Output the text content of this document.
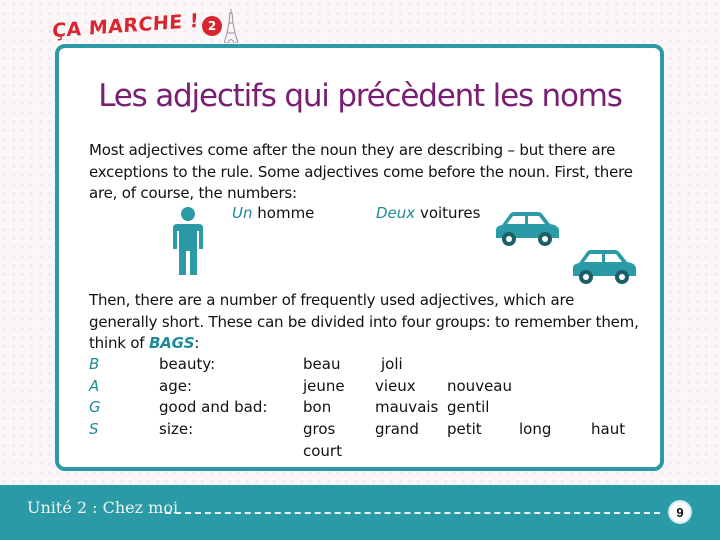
ÇA MARCHE ! 2
Les adjectifs qui précèdent les noms
Most adjectives come after the noun they are describing – but there are
exceptions to the rule. Some adjectives come before the noun. First, there
are, of course, the numbers:
Un homme	Deux voitures
Then, there are a number of frequently used adjectives, which are
generally short. These can be divided into four groups: to remember them,
think of BAGS:
B	beauty:	beau	joli
A	age:	jeune vieux nouveau
G	good and bad: bon	mauvais gentil
S	size:	gros	grand petit long	haut
court
Unité 2 : Chez moi	9
